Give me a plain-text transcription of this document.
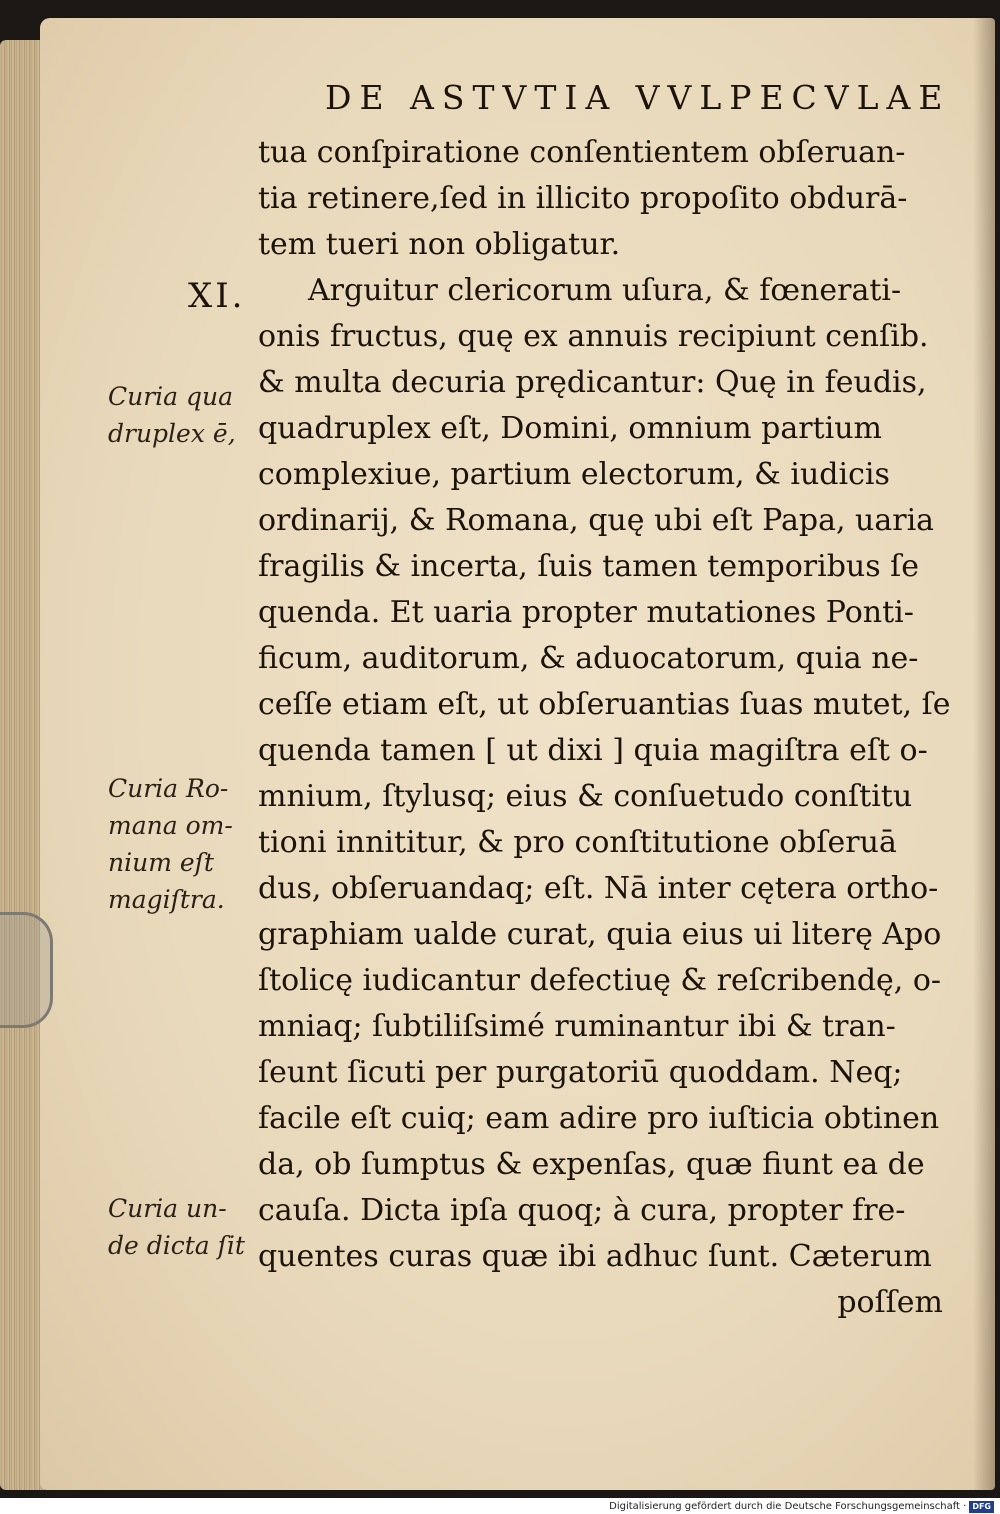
DE ASTVTIA VVLPECVLAE
XI.
tua conſpiratione conſentientem obſeruan-
tia retinere,ſed in illicito propoſito obdurā-
tem tueri non obligatur.
Arguitur clericorum uſura, & fœnerati-
onis fructus, quę ex annuis recipiunt cenſib.
& multa decuria prędicantur: Quę in feudis,
quadruplex eſt, Domini, omnium partium
complexiue, partium electorum, & iudicis
ordinarij, & Romana, quę ubi eſt Papa, uaria
fragilis & incerta, ſuis tamen temporibus ſe
quenda. Et uaria propter mutationes Ponti-
ficum, auditorum, & aduocatorum, quia ne-
ceſſe etiam eſt, ut obſeruantias ſuas mutet, ſe
quenda tamen [ ut dixi ] quia magiſtra eſt o-
mnium, ſtylusq; eius & conſuetudo conſtitu
tioni innititur, & pro conſtitutione obſeruā
dus, obſeruandaq; eſt. Nā inter cętera ortho-
graphiam ualde curat, quia eius ui literę Apo
ſtolicę iudicantur defectiuę & reſcribendę, o-
mniaq; ſubtiliſsimé ruminantur ibi & tran-
ſeunt ſicuti per purgatoriū quoddam. Neq;
facile eſt cuiq; eam adire pro iuſticia obtinen
da, ob ſumptus & expenſas, quæ fiunt ea de
cauſa. Dicta ipſa quoq; à cura, propter fre-
quentes curas quæ ibi adhuc ſunt. Cæterum
poſſem
Curia qua
druplex ē,
Curia Ro-
mana om-
nium eſt
magiſtra.
Curia un-
de dicta ſit
Digitalisierung gefördert durch die Deutsche Forschungsgemeinschaft · DFG
